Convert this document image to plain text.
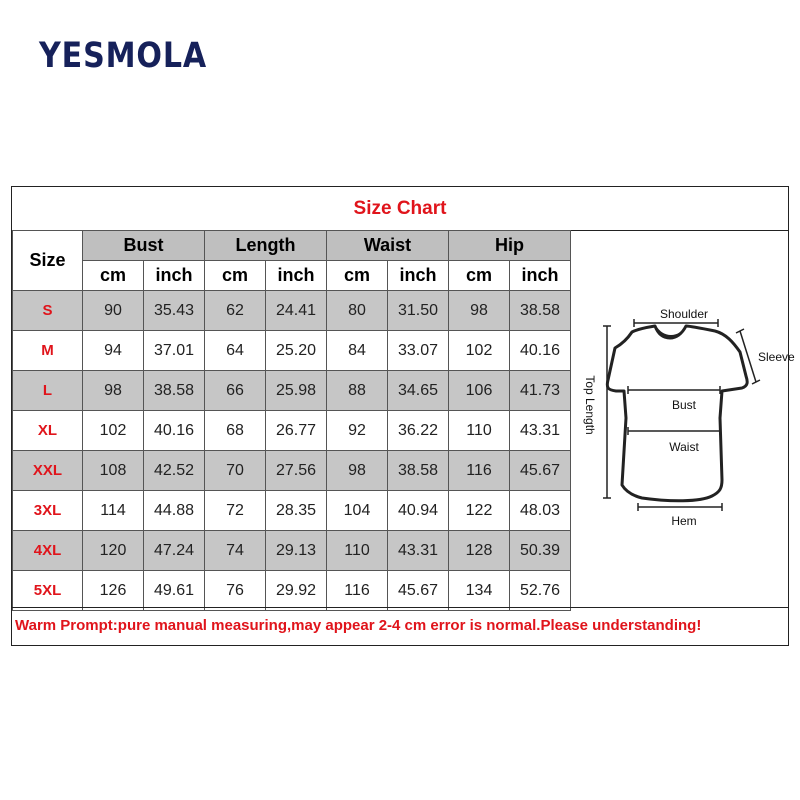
YESMOLA
Size Chart
Size	Bust		Length		Waist		Hip	
	cm	inch	cm	inch	cm	inch	cm	inch
S	90	35.43	62	24.41	80	31.50	98	38.58
M	94	37.01	64	25.20	84	33.07	102	40.16
L	98	38.58	66	25.98	88	34.65	106	41.73
XL	102	40.16	68	26.77	92	36.22	110	43.31
XXL	108	42.52	70	27.56	98	38.58	116	45.67
3XL	114	44.88	72	28.35	104	40.94	122	48.03
4XL	120	47.24	74	29.13	110	43.31	128	50.39
5XL	126	49.61	76	29.92	116	45.67	134	52.76
Shoulder
Sleeve
Top Length	Bust
Waist
Hem
Warm Prompt:pure manual measuring,may appear 2-4 cm error is normal.Please understanding!
